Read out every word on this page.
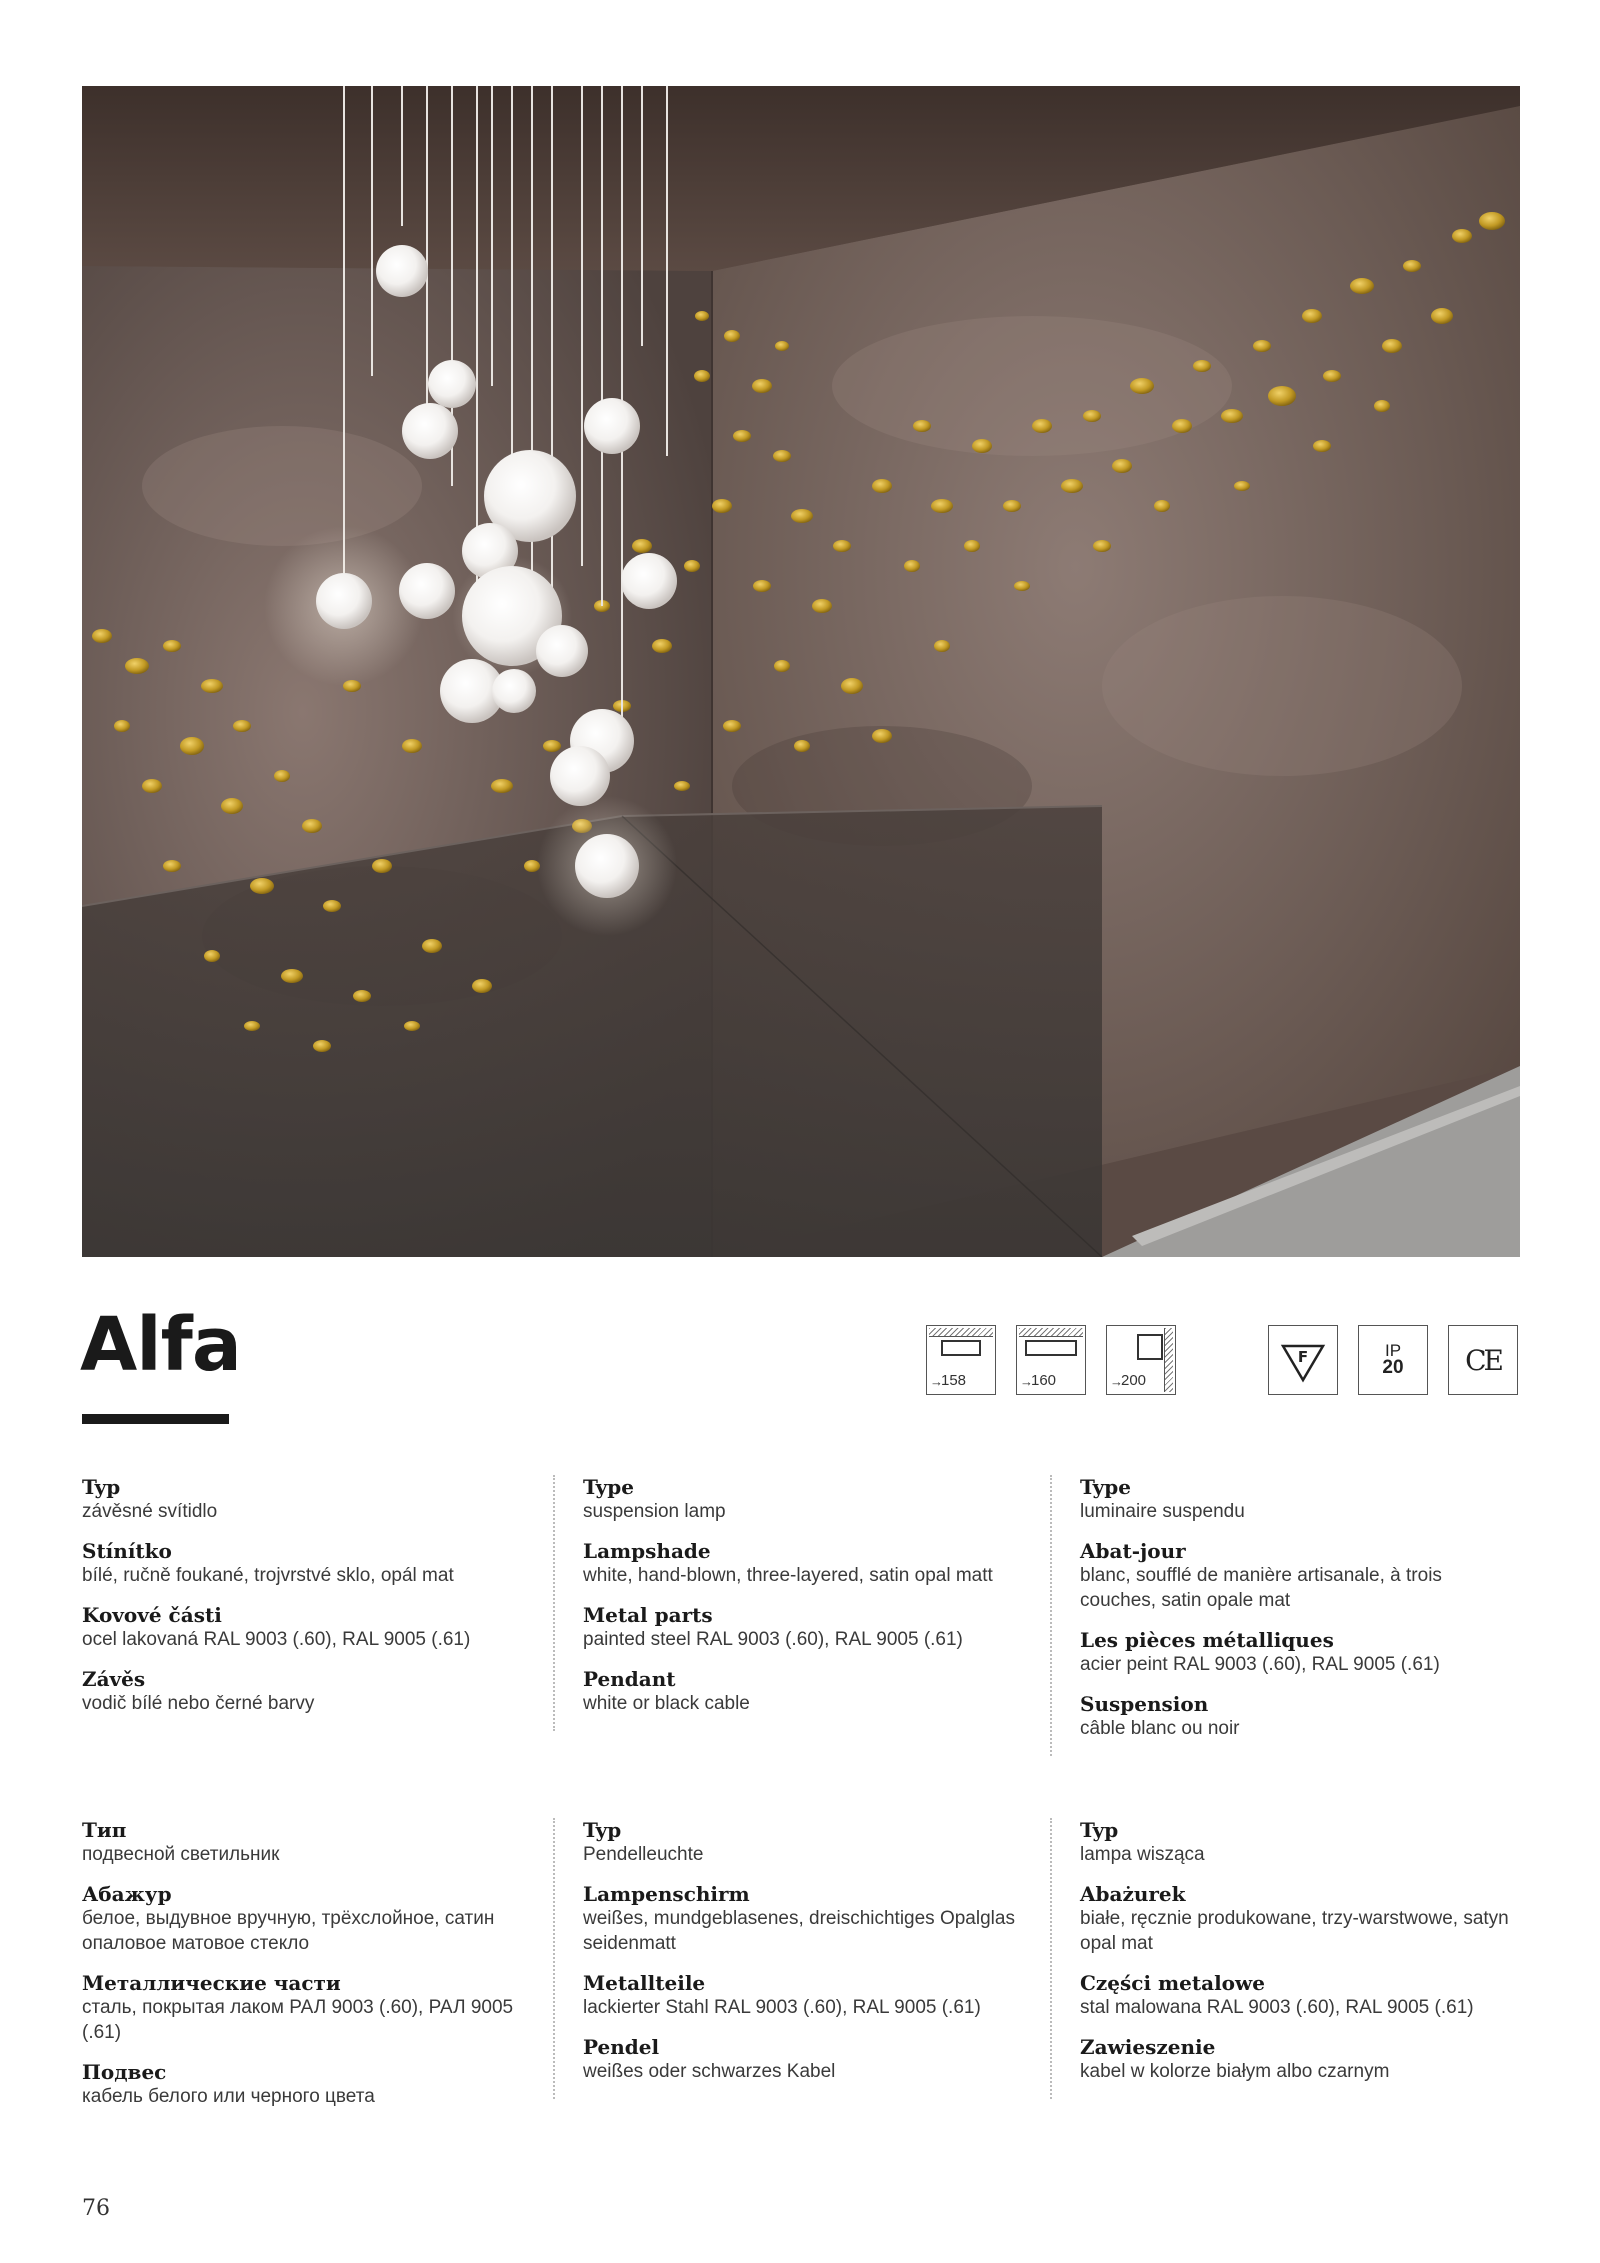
Alfa	→
158	→
160	→
200
F	IP
20	CE
Typ
závěsné svítidlo
Stínítko
bílé, ručně foukané, trojvrstvé sklo, opál mat
Kovové části
ocel lakovaná RAL 9003 (.60), RAL 9005 (.61)
Závěs
vodič bílé nebo černé barvy
Type
suspension lamp
Lampshade
white, hand-blown, three-layered, satin opal matt
Metal parts
painted steel RAL 9003 (.60), RAL 9005 (.61)
Pendant
white or black cable
Type
luminaire suspendu
Abat-jour
blanc, soufflé de manière artisanale, à trois couches, satin opale mat
Les pièces métalliques
acier peint RAL 9003 (.60), RAL 9005 (.61)
Suspension
câble blanc ou noir
Тип
подвесной светильник
Абажур
белое, выдувное вручную, трёхслойное, сатин опаловое матовое стекло
Металлические части
сталь, покрытая лаком РАЛ 9003 (.60), РАЛ 9005 (.61)
Подвес
кабель белого или черного цвета
Typ
Pendelleuchte
Lampenschirm
weißes, mundgeblasenes, dreischichtiges Opalglas seidenmatt
Metallteile
lackierter Stahl RAL 9003 (.60), RAL 9005 (.61)
Pendel
weißes oder schwarzes Kabel
Typ
lampa wisząca
Abażurek
białe, ręcznie produkowane, trzy-warstwowe, satyn opal mat
Części metalowe
stal malowana RAL 9003 (.60), RAL 9005 (.61)
Zawieszenie
kabel w kolorze białym albo czarnym
76
